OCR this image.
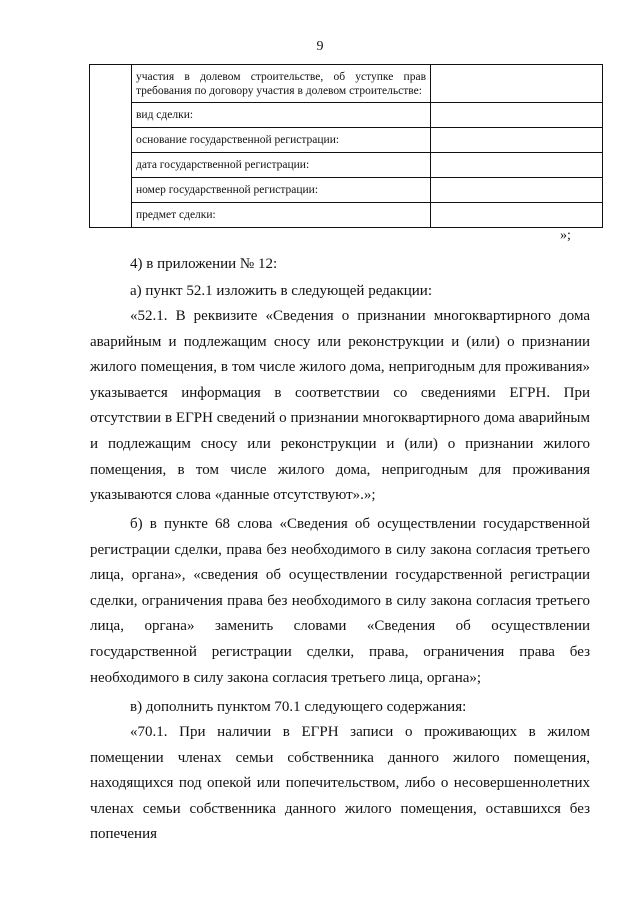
9

	участия в долевом строительстве, об уступке прав
требования по договору участия в долевом строительстве:	

	вид сделки:	
	основание государственной регистрации:	
	дата государственной регистрации:	
	номер государственной регистрации:	
	предмет сделки:	
»;
4) в приложении № 12:
а) пункт 52.1 изложить в следующей редакции:
«52.1. В реквизите «Сведения о признании многоквартирного дома аварийным и подлежащим сносу или реконструкции и (или) о признании жилого помещения, в том числе жилого дома, непригодным для проживания» указывается информация в соответствии со сведениями ЕГРН. При отсутствии в ЕГРН сведений о признании многоквартирного дома аварийным и подлежащим сносу или реконструкции и (или) о признании жилого помещения, в том числе жилого дома, непригодным для проживания указываются слова «данные отсутствуют».»;
б) в пункте 68 слова «Сведения об осуществлении государственной регистрации сделки, права без необходимого в силу закона согласия третьего лица, органа», «сведения об осуществлении государственной регистрации сделки, ограничения права без необходимого в силу закона согласия третьего лица, органа» заменить словами «Сведения об осуществлении государственной регистрации сделки, права, ограничения права без необходимого в силу закона согласия третьего лица, органа»;
в) дополнить пунктом 70.1 следующего содержания:
«70.1. При наличии в ЕГРН записи о проживающих в жилом помещении членах семьи собственника данного жилого помещения, находящихся под опекой или попечительством, либо о несовершеннолетних членах семьи собственника данного жилого помещения, оставшихся без попечения
